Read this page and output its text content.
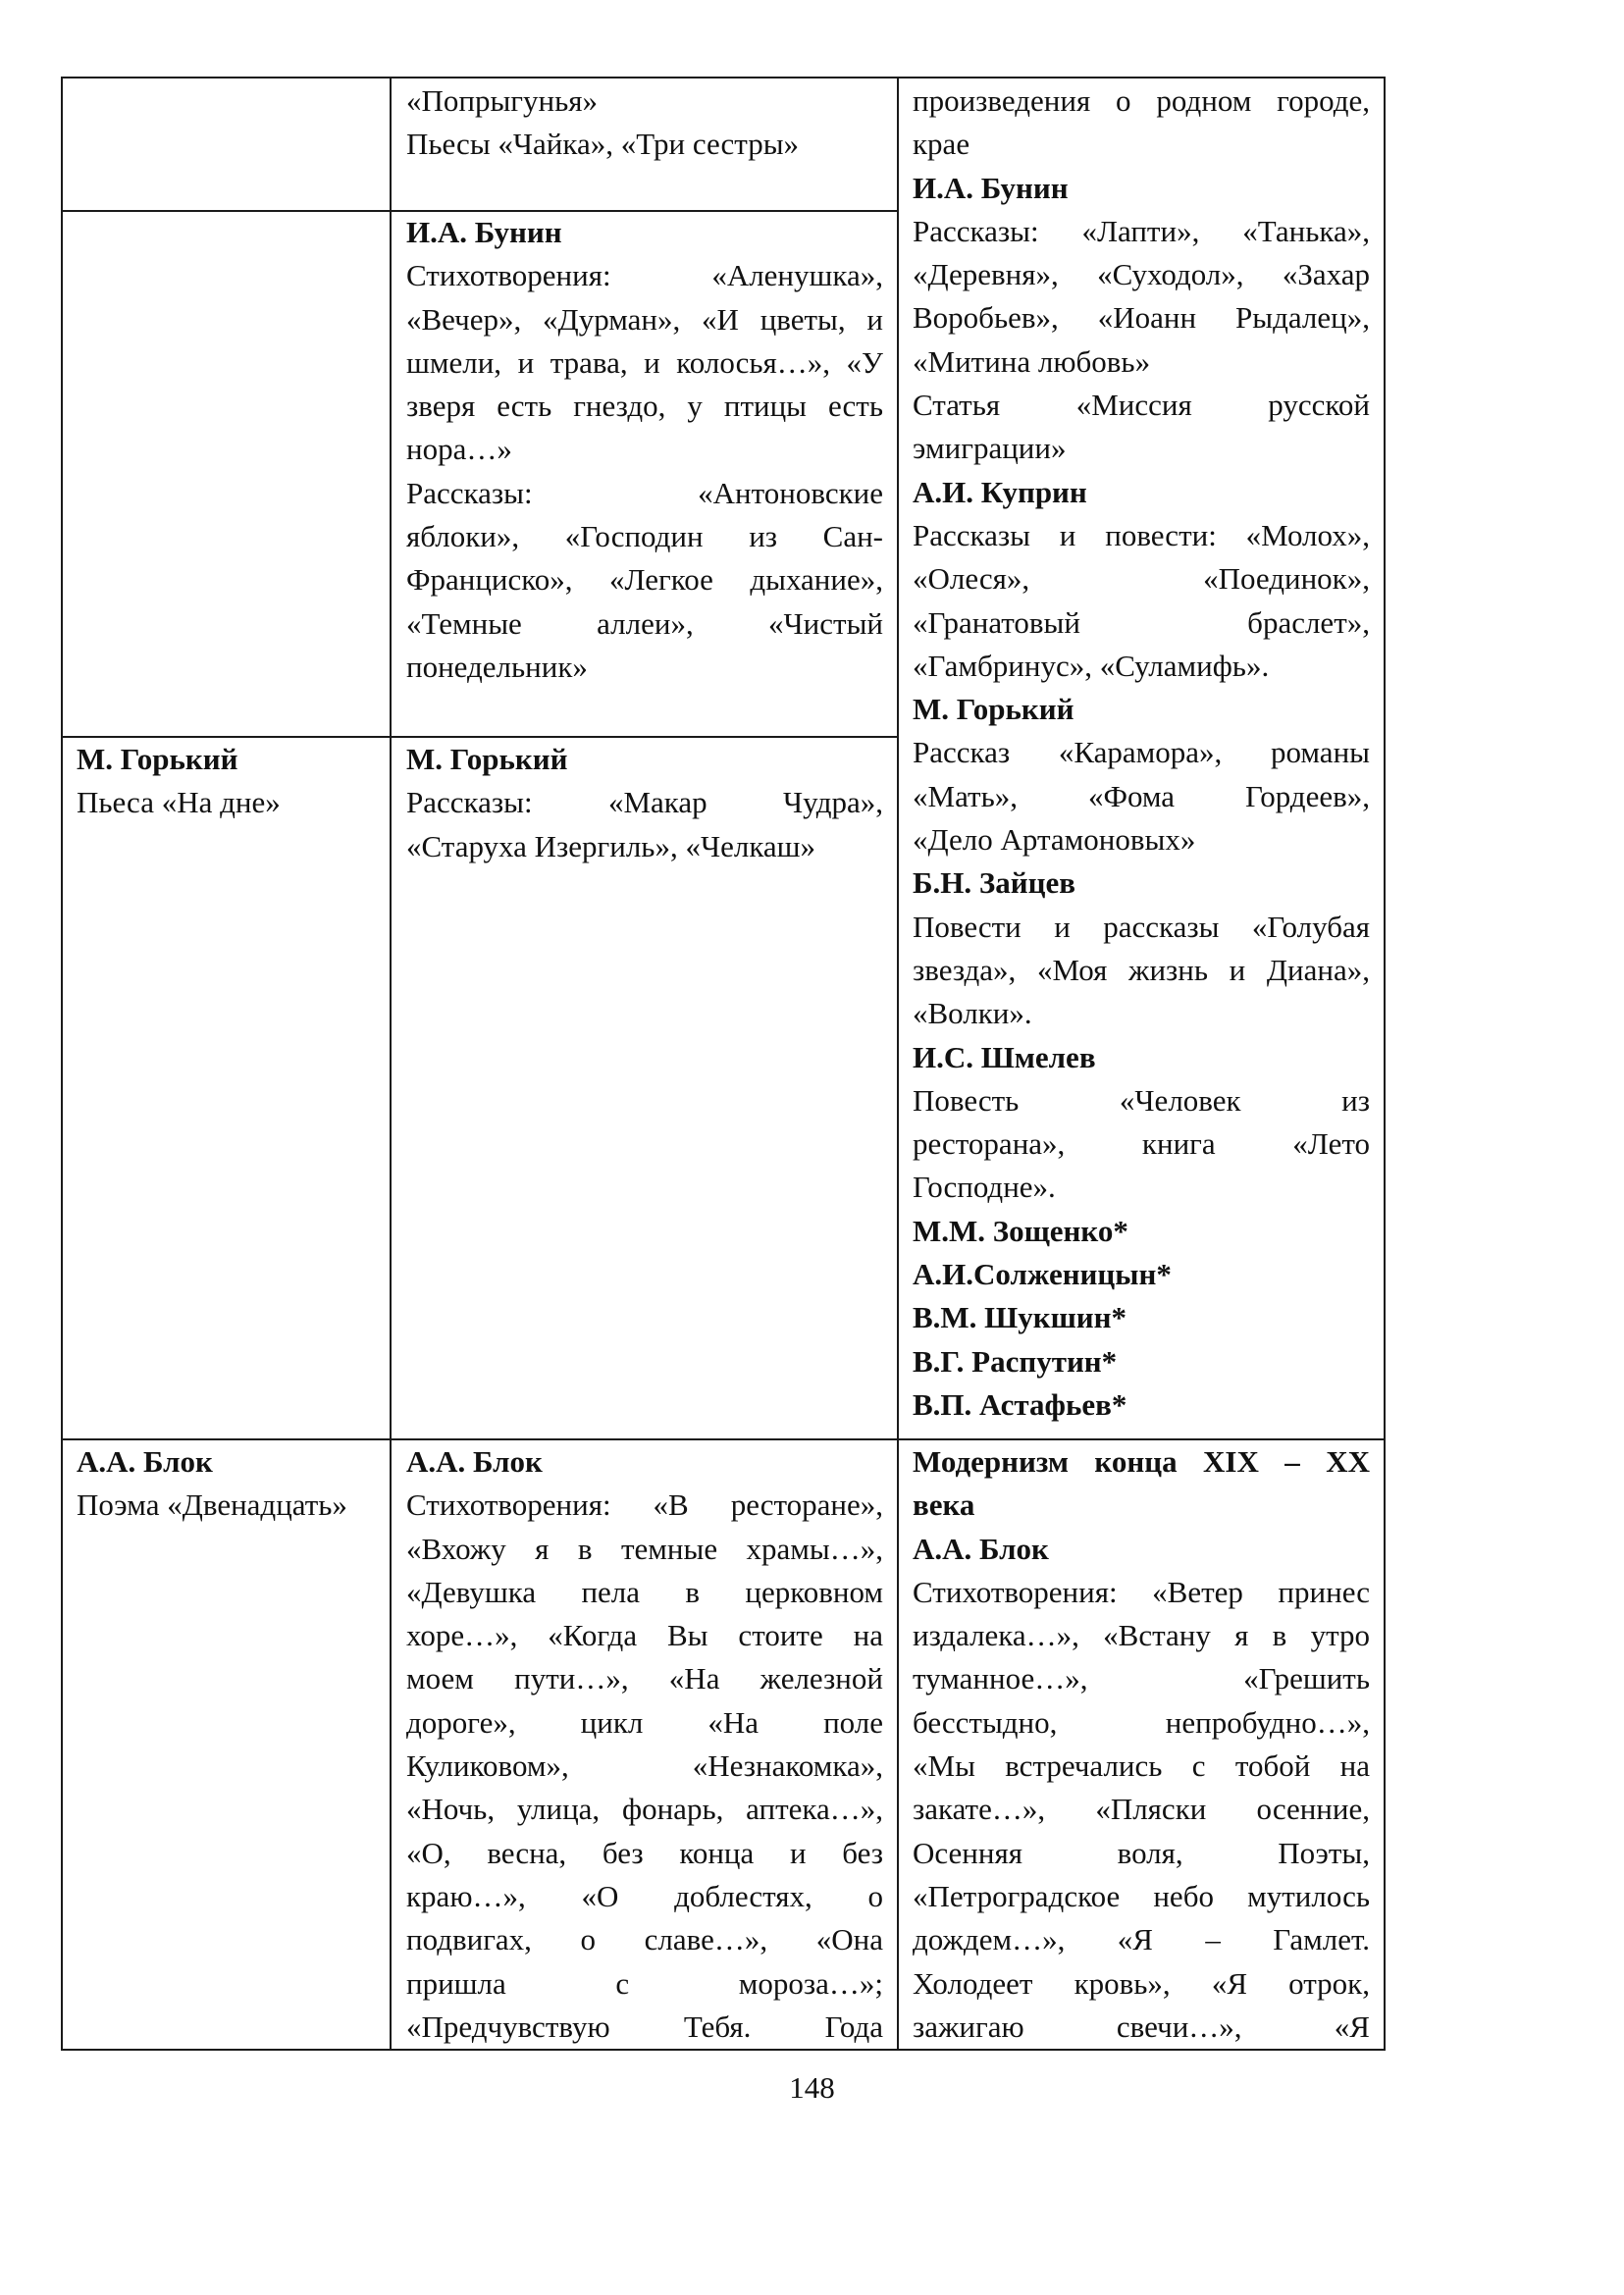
«Попрыгунья»

Пьесы «Чайка», «Три сестры»

произведения о родном городе,

крае

И.А. Бунин

Рассказы: «Лапти», «Танька»,

«Деревня», «Суходол», «Захар

Воробьев», «Иоанн Рыдалец»,

«Митина любовь»

Статья «Миссия русской

эмиграции»

А.И. Куприн

Рассказы и повести: «Молох»,

«Олеся», «Поединок»,

«Гранатовый браслет»,

«Гамбринус», «Суламифь».

М. Горький

Рассказ «Карамора», романы

«Мать», «Фома Гордеев»,

«Дело Артамоновых»

Б.Н. Зайцев

Повести и рассказы «Голубая

звезда», «Моя жизнь и Диана»,

«Волки».

И.С. Шмелев

Повесть «Человек из

ресторана», книга «Лето

Господне».

М.М. Зощенко*

А.И.Солженицын*

В.М. Шукшин*

В.Г. Распутин*

В.П. Астафьев*

И.А. Бунин

Стихотворения: «Аленушка»,

«Вечер», «Дурман», «И цветы, и

шмели, и трава, и колосья…», «У

зверя есть гнездо, у птицы есть

нора…»

Рассказы: «Антоновские

яблоки», «Господин из Сан-

Франциско», «Легкое дыхание»,

«Темные аллеи», «Чистый

понедельник»

М. Горький

Пьеса «На дне»

М. Горький

Рассказы: «Макар Чудра»,

«Старуха Изергиль», «Челкаш»

А.А. Блок

Поэма «Двенадцать»

А.А. Блок

Стихотворения: «В ресторане»,

«Вхожу я в темные храмы…»,

«Девушка пела в церковном

хоре…», «Когда Вы стоите на

моем пути…», «На железной

дороге», цикл «На поле

Куликовом», «Незнакомка»,

«Ночь, улица, фонарь, аптека…»,

«О, весна, без конца и без

краю…», «О доблестях, о

подвигах, о славе…», «Она

пришла с мороза…»;

«Предчувствую Тебя. Года

Модернизм конца XIX – XX

века

А.А. Блок

Стихотворения: «Ветер принес

издалека…», «Встану я в утро

туманное…», «Грешить

бесстыдно, непробудно…»,

«Мы встречались с тобой на

закате…», «Пляски осенние,

Осенняя воля, Поэты,

«Петроградское небо мутилось

дождем…», «Я – Гамлет.

Холодеет кровь», «Я отрок,

зажигаю свечи…», «Я

148
